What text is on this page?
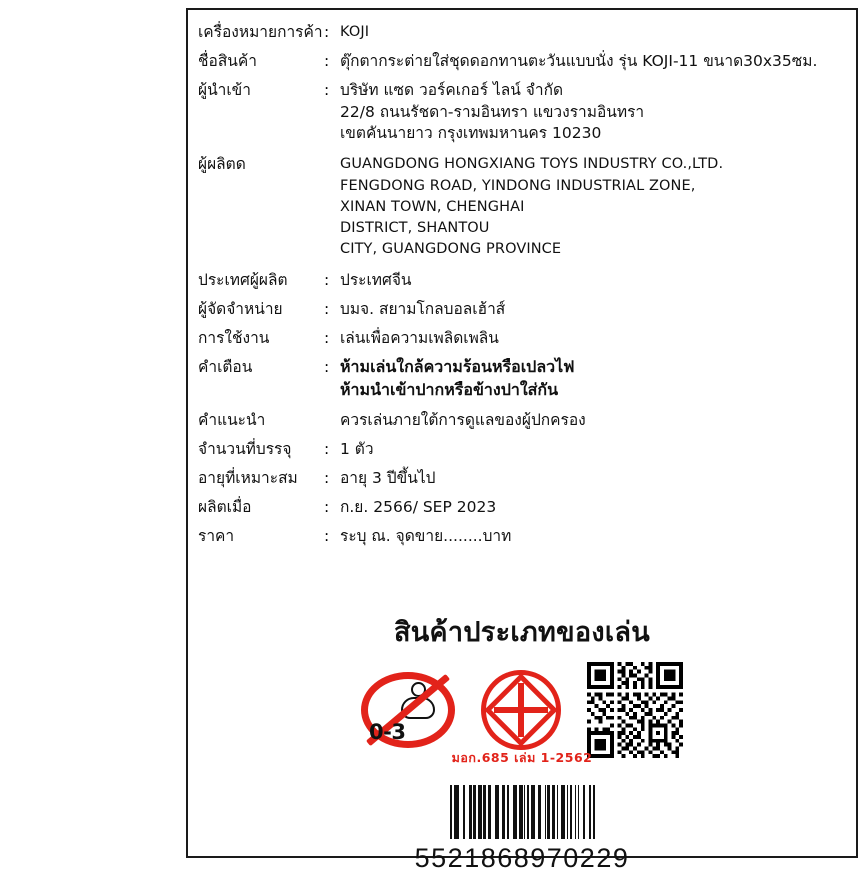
เครื่องหมายการค้า : KOJI
ชื่อสินค้า	: ตุ๊กตากระต่ายใส่ชุดดอกทานตะวันแบบนั่ง รุ่น KOJI-11 ขนาด30x35ซม.
ผู้นำเข้า	: บริษัท แซด วอร์คเกอร์ ไลน์ จำกัด
22/8 ถนนรัชดา-รามอินทรา แขวงรามอินทรา
เขตคันนายาว กรุงเทพมหานคร 10230
ผู้ผลิตด	GUANGDONG HONGXIANG TOYS INDUSTRY CO.,LTD.
FENGDONG ROAD, YINDONG INDUSTRIAL ZONE,
XINAN TOWN, CHENGHAI
DISTRICT, SHANTOU
CITY, GUANGDONG PROVINCE
ประเทศผู้ผลิต	: ประเทศจีน
ผู้จัดจำหน่าย	: บมจ. สยามโกลบอลเฮ้าส์
การใช้งาน	: เล่นเพื่อความเพลิดเพลิน
คำเตือน	: ห้ามเล่นใกล้ความร้อนหรือเปลวไฟ
ห้ามนำเข้าปากหรือข้างปาใส่กัน
คำแนะนำ	ควรเล่นภายใต้การดูแลของผู้ปกครอง
จำนวนที่บรรจุ	: 1 ตัว
อายุที่เหมาะสม	: อายุ 3 ปีขึ้นไป
ผลิตเมื่อ	: ก.ย. 2566/ SEP 2023
ราคา	: ระบุ ณ. จุดขาย........บาท
สินค้าประเภทของเล่น
0-3
มอก.685 เล่ม 1-2562
5521868970229
